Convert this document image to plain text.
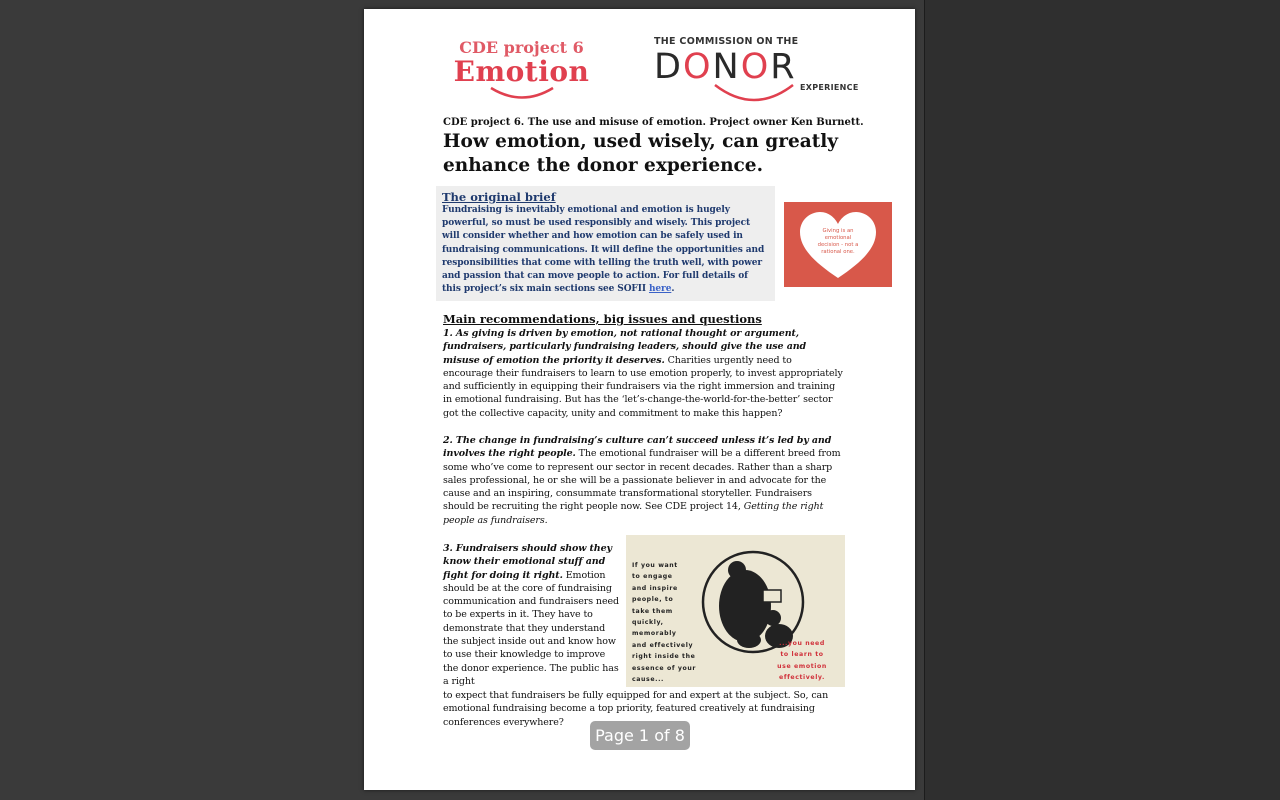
CDE project 6
Emotion
THE COMMISSION ON THE
DONOR
EXPERIENCE
CDE project 6. The use and misuse of emotion. Project owner Ken Burnett.
How emotion, used wisely, can greatly enhance the donor experience.
The original brief
Fundraising is inevitably emotional and emotion is hugely powerful, so must be used responsibly and wisely. This project will consider whether and how emotion can be safely used in fundraising communications. It will define the opportunities and responsibilities that come with telling the truth well, with power and passion that can move people to action. For full details of this project’s six main sections see SOFII here.
Giving is an
emotional
decision - not a
rational one.
Main recommendations, big issues and questions
1. As giving is driven by emotion, not rational thought or argument, fundraisers, particularly fundraising leaders, should give the use and misuse of emotion the priority it deserves. Charities urgently need to encourage their fundraisers to learn to use emotion properly, to invest appropriately and sufficiently in equipping their fundraisers via the right immersion and training in emotional fundraising. But has the ‘let’s-change-the-world-for-the-better’ sector got the collective capacity, unity and commitment to make this happen?
2. The change in fundraising’s culture can’t succeed unless it’s led by and involves the right people. The emotional fundraiser will be a different breed from some who’ve come to represent our sector in recent decades. Rather than a sharp sales professional, he or she will be a passionate believer in and advocate for the cause and an inspiring, consummate transformational storyteller. Fundraisers should be recruiting the right people now. See CDE project 14, Getting the right people as fundraisers.
3. Fundraisers should show they know their emotional stuff and fight for doing it right. Emotion should be at the core of fundraising communication and fundraisers need to be experts in it. They have to demonstrate that they understand the subject inside out and know how to use their knowledge to improve the donor experience. The public has a right
If you want
to engage
and inspire
people, to
take them
quickly,
memorably
and effectively
right inside the
essence of your
cause...
...you need
to learn to
use emotion
effectively.
to expect that fundraisers be fully equipped for and expert at the subject. So, can emotional fundraising become a top priority, featured creatively at fundraising conferences everywhere?
Page 1 of 8
